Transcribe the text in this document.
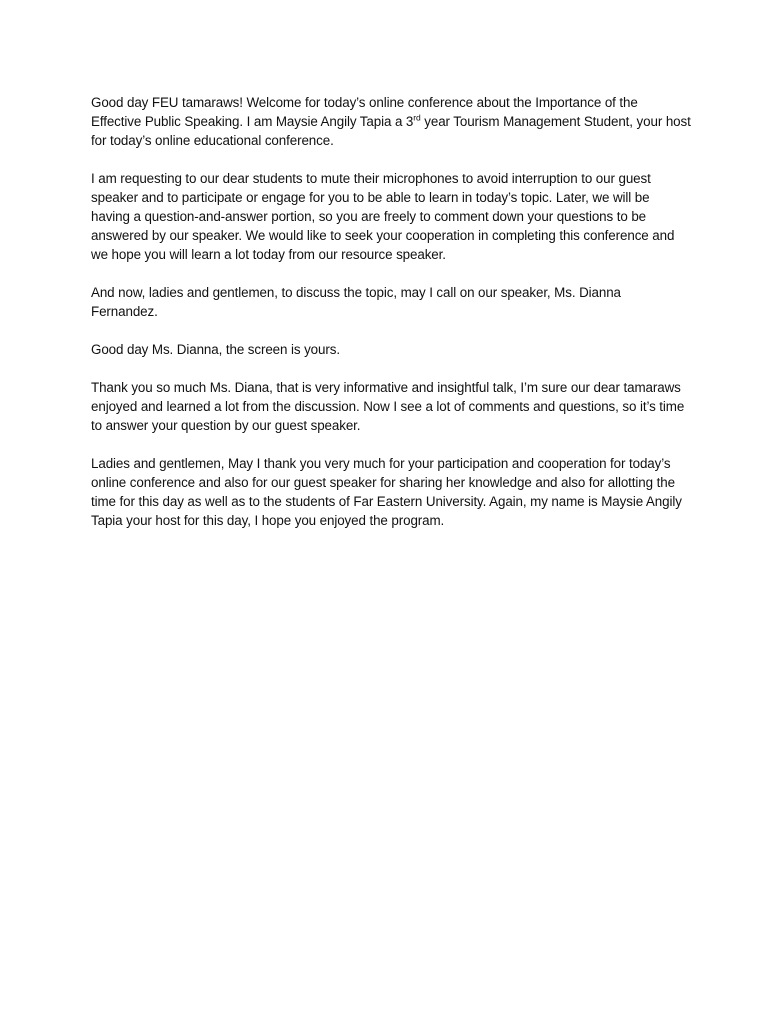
Good day FEU tamaraws! Welcome for today’s online conference about the Importance of the Effective Public Speaking. I am Maysie Angily Tapia a 3rd year Tourism Management Student, your host for today’s online educational conference.

I am requesting to our dear students to mute their microphones to avoid interruption to our guest speaker and to participate or engage for you to be able to learn in today’s topic. Later, we will be having a question-and-answer portion, so you are freely to comment down your questions to be answered by our speaker. We would like to seek your cooperation in completing this conference and we hope you will learn a lot today from our resource speaker.

And now, ladies and gentlemen, to discuss the topic, may I call on our speaker, Ms. Dianna Fernandez.

Good day Ms. Dianna, the screen is yours.

Thank you so much Ms. Diana, that is very informative and insightful talk, I’m sure our dear tamaraws enjoyed and learned a lot from the discussion. Now I see a lot of comments and questions, so it’s time to answer your question by our guest speaker.

Ladies and gentlemen, May I thank you very much for your participation and cooperation for today’s online conference and also for our guest speaker for sharing her knowledge and also for allotting the time for this day as well as to the students of Far Eastern University. Again, my name is Maysie Angily Tapia your host for this day, I hope you enjoyed the program.
